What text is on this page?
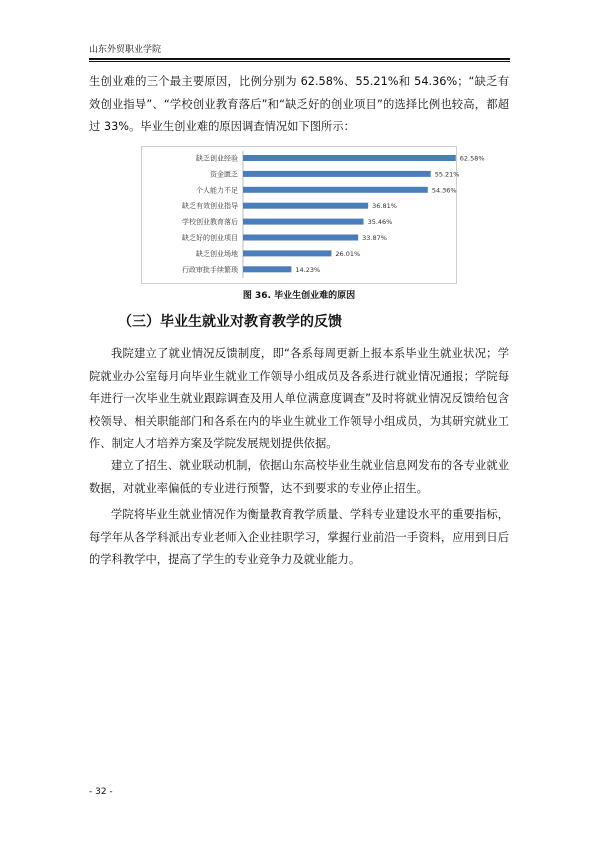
山东外贸职业学院

生创业难的三个最主要原因，比例分别为 62.58%、55.21%和 54.36%；“缺乏有效创业指导”、“学校创业教育落后”和“缺乏好的创业项目”的选择比例也较高，都超过 33%。毕业生创业难的原因调查情况如下图所示：

缺乏创业经验	62.58%
资金匮乏	55.21%
个人能力不足	54.36%
缺乏有效创业指导	36.81%
学校创业教育落后	35.46%
缺乏好的创业项目	33.87%
缺乏创业场地	26.01%
行政审批手续繁琐	14.23%
图 36. 毕业生创业难的原因
（三）毕业生就业对教育教学的反馈

我院建立了就业情况反馈制度，即“各系每周更新上报本系毕业生就业状况；学院就业办公室每月向毕业生就业工作领导小组成员及各系进行就业情况通报；学院每年进行一次毕业生就业跟踪调查及用人单位满意度调查”及时将就业情况反馈给包含校领导、相关职能部门和各系在内的毕业生就业工作领导小组成员，为其研究就业工作、制定人才培养方案及学院发展规划提供依据。

建立了招生、就业联动机制，依据山东高校毕业生就业信息网发布的各专业就业数据，对就业率偏低的专业进行预警，达不到要求的专业停止招生。

学院将毕业生就业情况作为衡量教育教学质量、学科专业建设水平的重要指标，每学年从各学科派出专业老师入企业挂职学习，掌握行业前沿一手资料，应用到日后的学科教学中，提高了学生的专业竞争力及就业能力。

- 32 -
